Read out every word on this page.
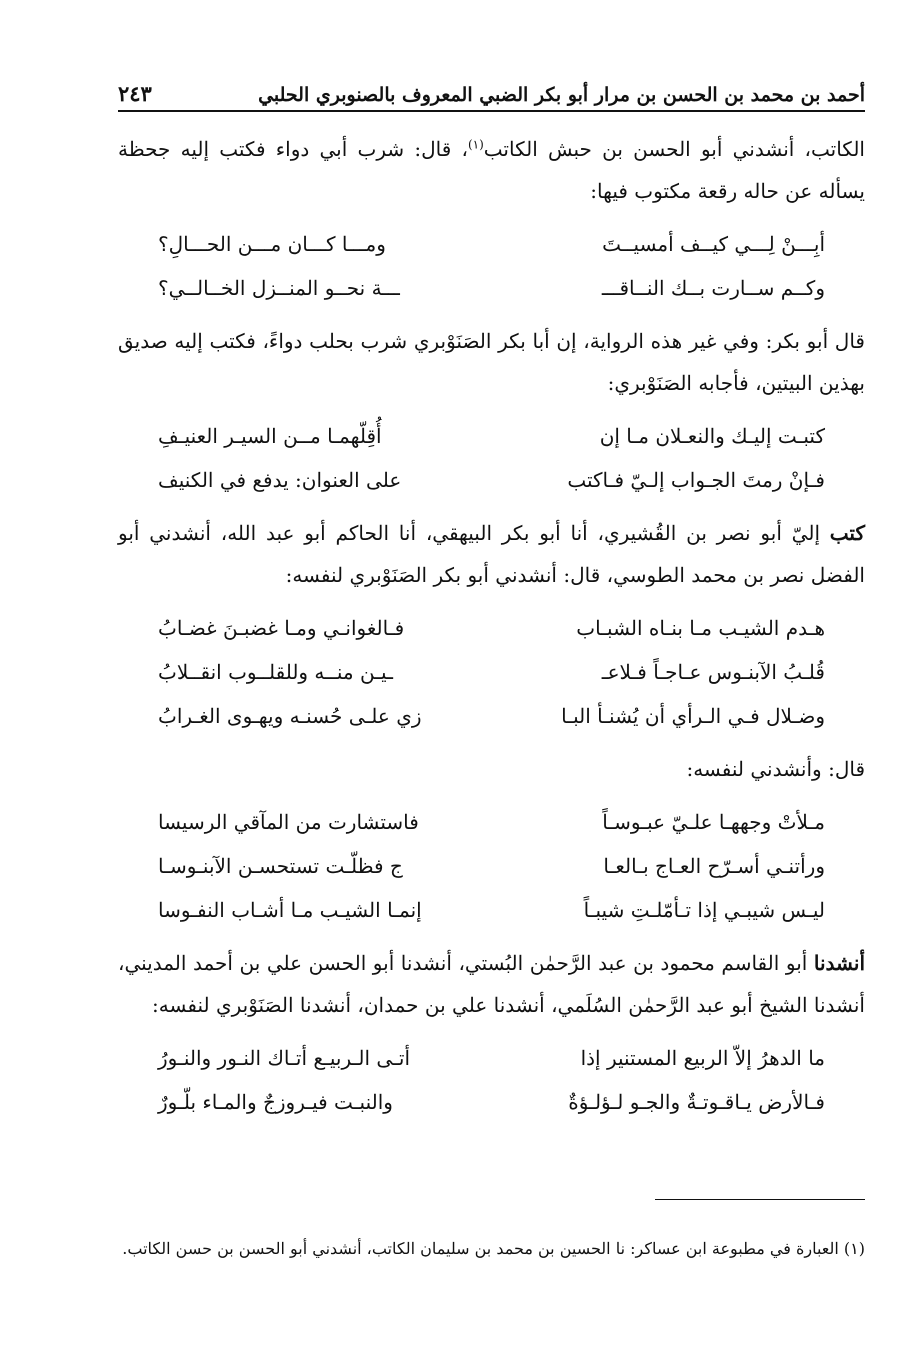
أحمد بن محمد بن الحسن بن مرار أبو بكر الضبي المعروف بالصنوبري الحلبي
٢٤٣

الكاتب، أنشدني أبو الحسن بن حبش الكاتب$^{(١)}$، قال: شرب أبي دواء فكتب إليه جحظة يسأله عن حاله رقعة مكتوب فيها:

أبِـــنْ لِـــي كيــف أمسيــتَ
ومـــا كـــان مـــن الحـــالِ؟
وكــم ســارت بــك النــاقـــ
ـــة نحــو المنــزل الخــالــي؟

قال أبو بكر: وفي غير هذه الرواية، إن أبا بكر الصَنَوْبري شرب بحلب دواءً، فكتب إليه صديق بهذين البيتين، فأجابه الصَنَوْبري:

كتبـت إليـك والنعـلان مـا إن
أُقِلّهمـا مــن السيـر العنيـفِ
فـإنْ رمتَ الجـواب إلـيّ فـاكتب
على العنوان: يدفع في الكنيف

كتب إليّ أبو نصر بن القُشيري، أنا أبو بكر البيهقي، أنا الحاكم أبو عبد الله، أنشدني أبو الفضل نصر بن محمد الطوسي، قال: أنشدني أبو بكر الصَنَوْبري لنفسه:

هـدم الشيـب مـا بنـاه الشبـاب
فـالغوانـي ومـا غضبـنَ غضـابُ
قُلـبُ الآبنـوس عـاجـاً فـلاعـ
ـيـن منــه وللقلــوب انقــلابُ
وضـلال فـي الـرأي أن يُشنـأ البـا
زي علـى حُسنـه ويهـوى الغـرابُ

قال: وأنشدني لنفسه:

مـلأتْ وجههـا علـيّ عبـوسـاً
فاستشارت من المآقي الرسيسا
ورأتنـي أسـرّح العـاج بـالعـا
ج فظلّـت تستحسـن الآبنـوسـا
ليـس شيبـي إذا تـأمّلـتِ شيبـاً
إنمـا الشيـب مـا أشـاب النفـوسا

أنشدنا أبو القاسم محمود بن عبد الرَّحمٰن البُستي، أنشدنا أبو الحسن علي بن أحمد المديني، أنشدنا الشيخ أبو عبد الرَّحمٰن السُلَمي، أنشدنا علي بن حمدان، أنشدنا الصَنَوْبري لنفسه:

ما الدهرُ إلاّ الربيع المستنير إذا
أتـى الـربيـع أتـاك النـور والنـورُ
فـالأرض يـاقـوتـةٌ والجـو لـؤلـؤةٌ
والنبـت فيـروزجٌ والمـاء بلّـورٌ

(١) العبارة في مطبوعة ابن عساكر: نا الحسين بن محمد بن سليمان الكاتب، أنشدني أبو الحسن بن حسن الكاتب.
